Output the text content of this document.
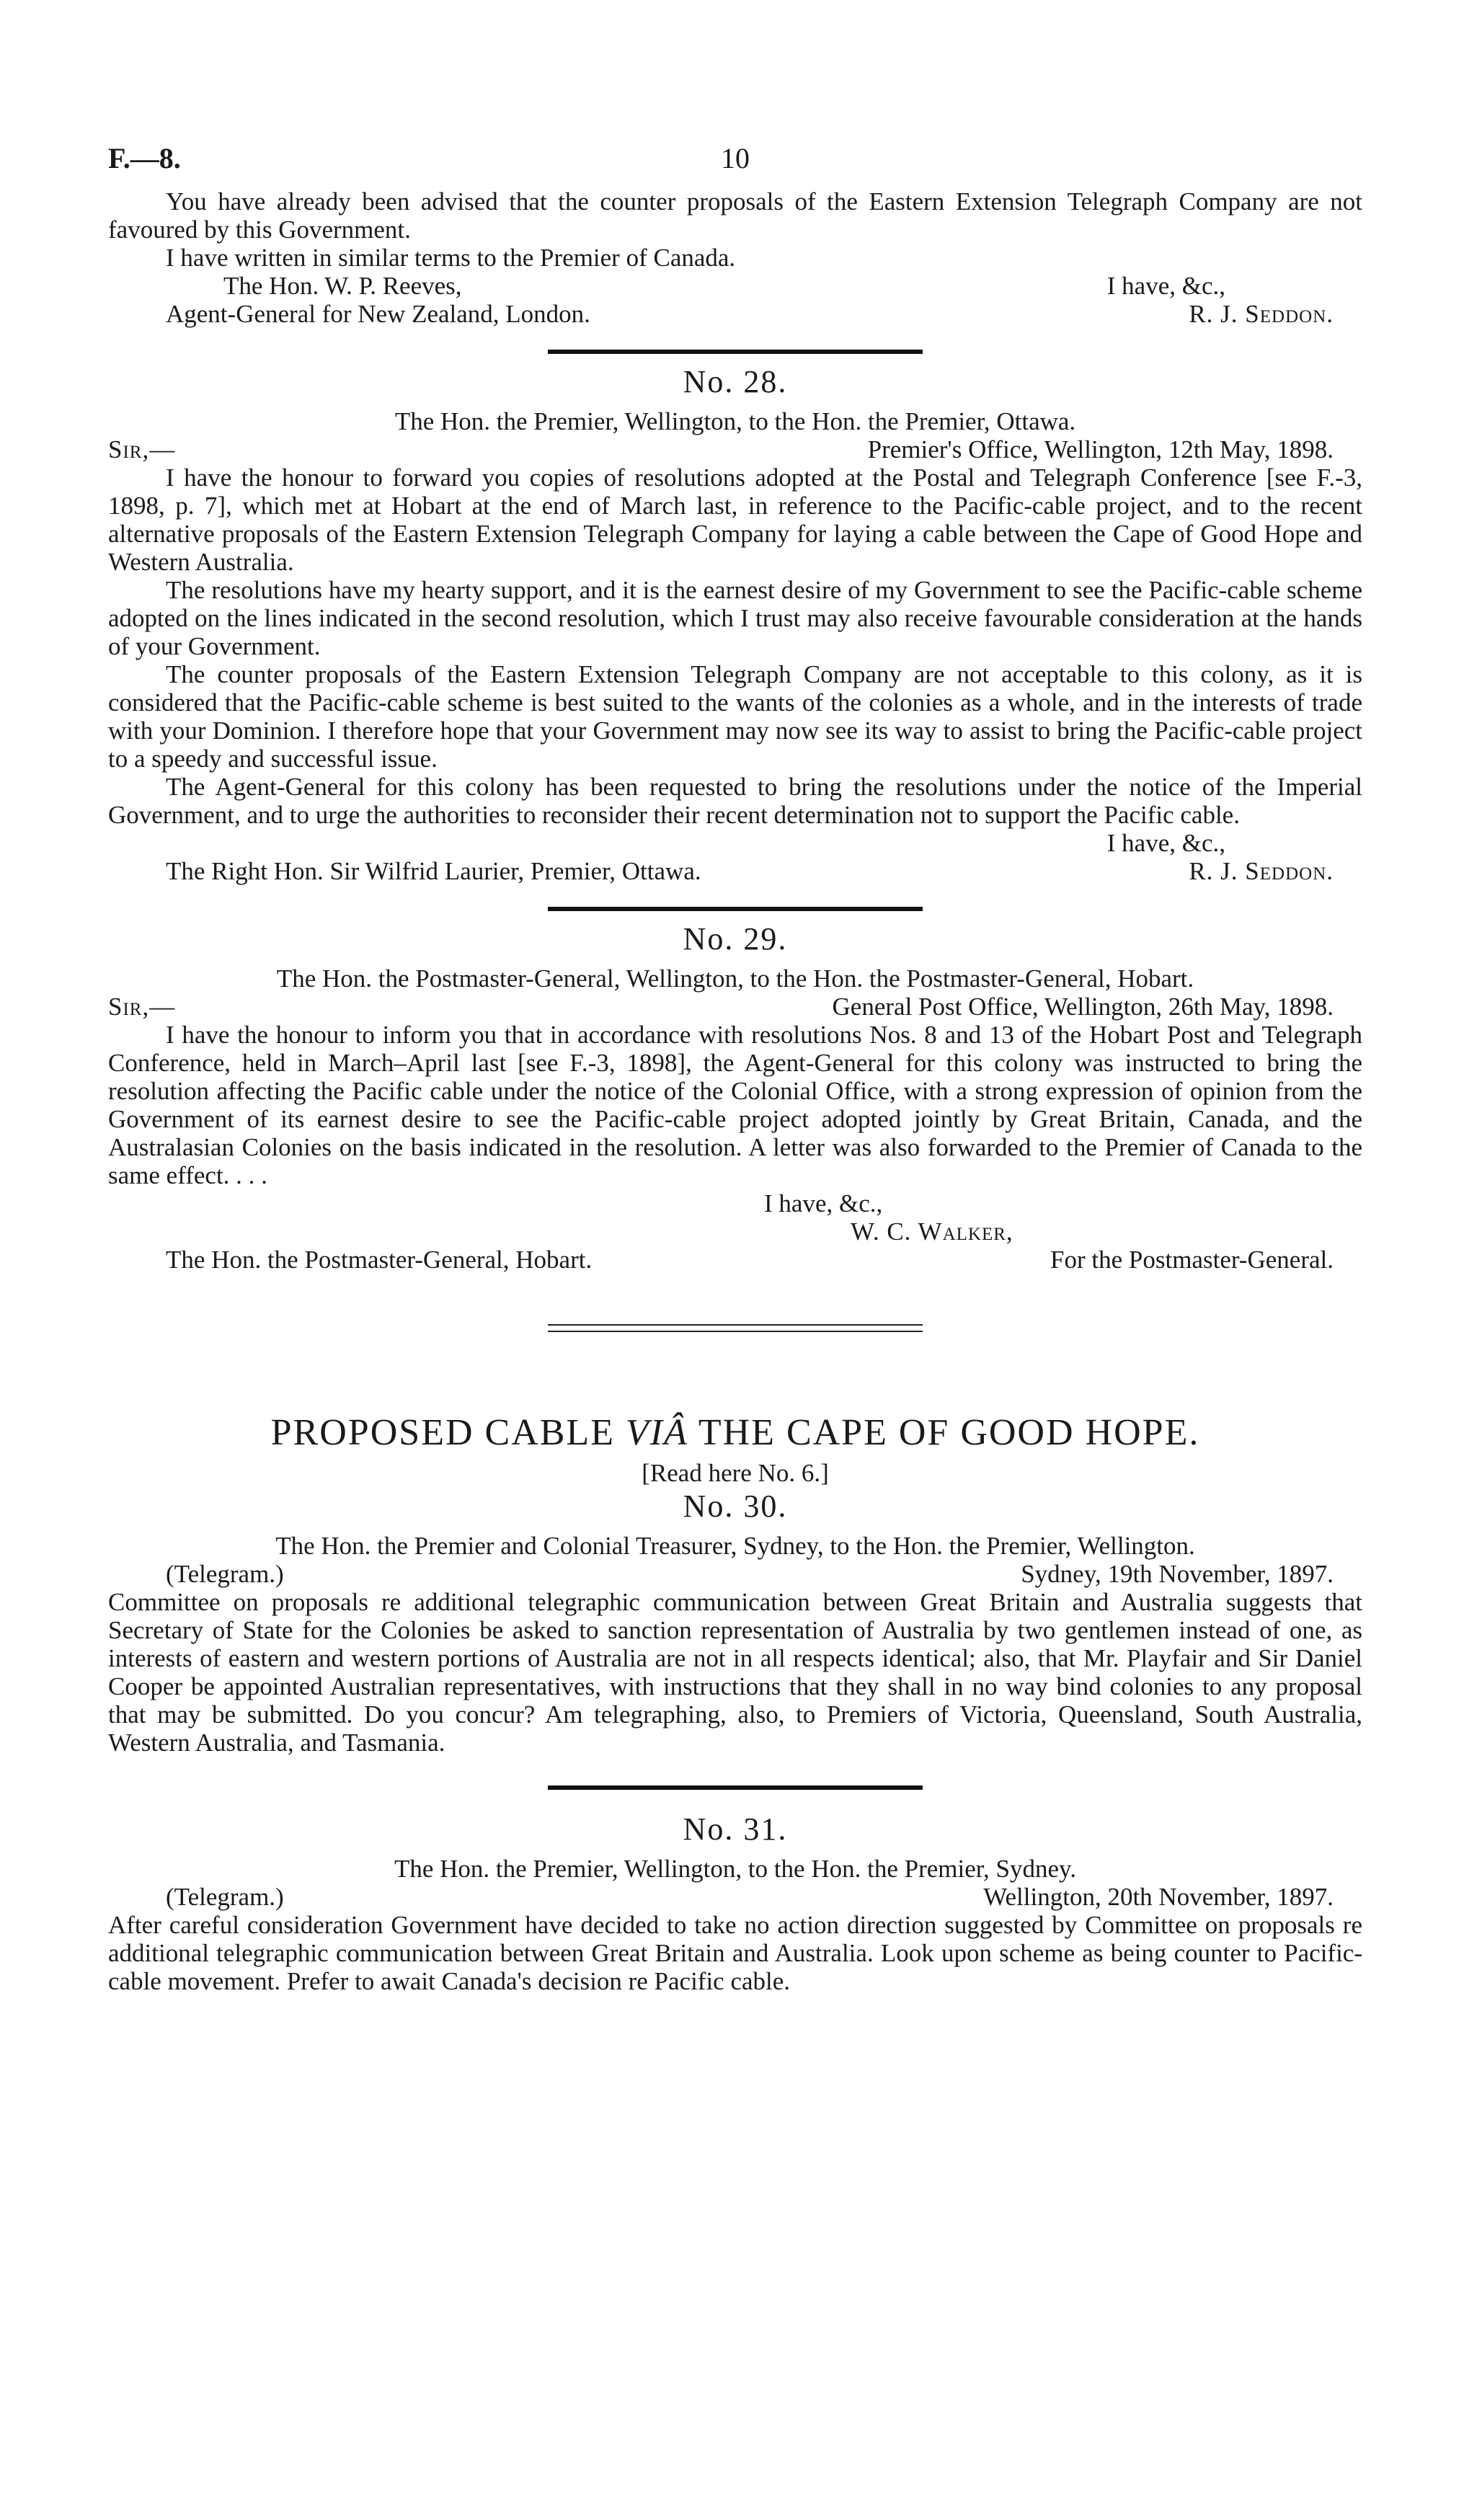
F.—8.	10

You have already been advised that the counter proposals of the Eastern Extension Telegraph Company are not favoured by this Government.

I have written in similar terms to the Premier of Canada.

The Hon. W. P. Reeves,	I have, &c.,
Agent-General for New Zealand, London.	R. J. Seddon.
No. 28.

The Hon. the Premier, Wellington, to the Hon. the Premier, Ottawa.

Sir,—	Premier's Office, Wellington, 12th May, 1898.

I have the honour to forward you copies of resolutions adopted at the Postal and Telegraph Conference [see F.-3, 1898, p. 7], which met at Hobart at the end of March last, in reference to the Pacific-cable project, and to the recent alternative proposals of the Eastern Extension Telegraph Company for laying a cable between the Cape of Good Hope and Western Australia.

The resolutions have my hearty support, and it is the earnest desire of my Government to see the Pacific-cable scheme adopted on the lines indicated in the second resolution, which I trust may also receive favourable consideration at the hands of your Government.

The counter proposals of the Eastern Extension Telegraph Company are not acceptable to this colony, as it is considered that the Pacific-cable scheme is best suited to the wants of the colonies as a whole, and in the interests of trade with your Dominion. I therefore hope that your Government may now see its way to assist to bring the Pacific-cable project to a speedy and successful issue.

The Agent-General for this colony has been requested to bring the resolutions under the notice of the Imperial Government, and to urge the authorities to reconsider their recent determination not to support the Pacific cable.

I have, &c.,
The Right Hon. Sir Wilfrid Laurier, Premier, Ottawa.	R. J. Seddon.
No. 29.

The Hon. the Postmaster-General, Wellington, to the Hon. the Postmaster-General, Hobart.

Sir,—	General Post Office, Wellington, 26th May, 1898.

I have the honour to inform you that in accordance with resolutions Nos. 8 and 13 of the Hobart Post and Telegraph Conference, held in March–April last [see F.-3, 1898], the Agent-General for this colony was instructed to bring the resolution affecting the Pacific cable under the notice of the Colonial Office, with a strong expression of opinion from the Government of its earnest desire to see the Pacific-cable project adopted jointly by Great Britain, Canada, and the Australasian Colonies on the basis indicated in the resolution. A letter was also forwarded to the Premier of Canada to the same effect. . . .

I have, &c.,
W. C. Walker,
The Hon. the Postmaster-General, Hobart.	For the Postmaster-General.
PROPOSED CABLE VIÂ THE CAPE OF GOOD HOPE.

[Read here No. 6.]

No. 30.

The Hon. the Premier and Colonial Treasurer, Sydney, to the Hon. the Premier, Wellington.

(Telegram.)	Sydney, 19th November, 1897.

Committee on proposals re additional telegraphic communication between Great Britain and Australia suggests that Secretary of State for the Colonies be asked to sanction representation of Australia by two gentlemen instead of one, as interests of eastern and western portions of Australia are not in all respects identical; also, that Mr. Playfair and Sir Daniel Cooper be appointed Australian representatives, with instructions that they shall in no way bind colonies to any proposal that may be submitted. Do you concur? Am telegraphing, also, to Premiers of Victoria, Queensland, South Australia, Western Australia, and Tasmania.

No. 31.

The Hon. the Premier, Wellington, to the Hon. the Premier, Sydney.

(Telegram.)	Wellington, 20th November, 1897.

After careful consideration Government have decided to take no action direction suggested by Committee on proposals re additional telegraphic communication between Great Britain and Australia. Look upon scheme as being counter to Pacific-cable movement. Prefer to await Canada's decision re Pacific cable.
